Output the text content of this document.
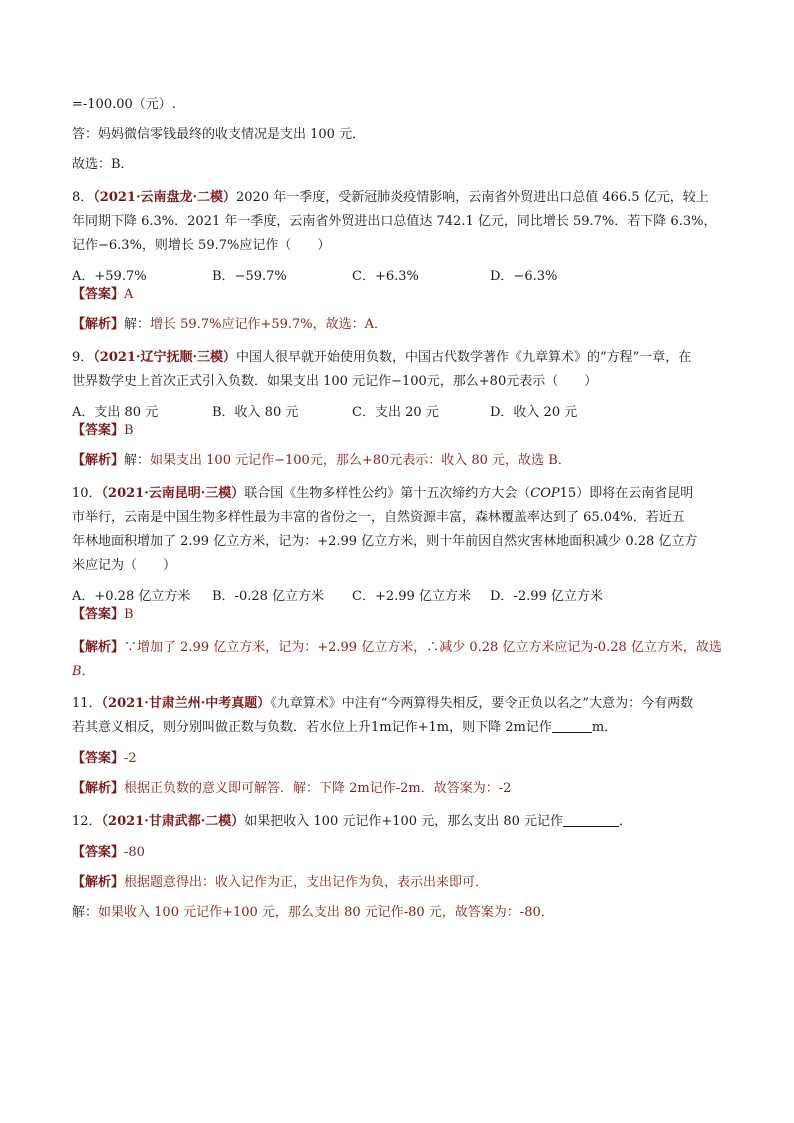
=-100.00（元）.

答：妈妈微信零钱最终的收支情况是支出 100 元．

故选：B．

8．（2021·云南盘龙·二模）2020 年一季度，受新冠肺炎疫情影响，云南省外贸进出口总值 466.5 亿元，较上

年同期下降 6.3%．2021 年一季度，云南省外贸进出口总值达 742.1 亿元，同比增长 59.7%．若下降 6.3%，

记作−6.3%，则增长 59.7%应记作（　　）

A．+59.7%	B．−59.7%	C．+6.3%	D．−6.3%

【答案】A

【解析】解：增长 59.7%应记作+59.7%，故选：A．

9．（2021·辽宁抚顺·三模）中国人很早就开始使用负数，中国古代数学著作《九章算术》的“方程”一章，在

世界数学史上首次正式引入负数．如果支出 100 元记作−100元，那么+80元表示（　　）

A．支出 80 元	B．收入 80 元	C．支出 20 元	D．收入 20 元

【答案】B

【解析】解：如果支出 100 元记作−100元，那么+80元表示：收入 80 元，故选 B．

10．（2021·云南昆明·三模）联合国《生物多样性公约》第十五次缔约方大会（COP15）即将在云南省昆明

市举行，云南是中国生物多样性最为丰富的省份之一，自然资源丰富，森林覆盖率达到了 65.04%．若近五

年林地面积增加了 2.99 亿立方米，记为：+2.99 亿立方米，则十年前因自然灾害林地面积减少 0.28 亿立方

米应记为（　　）

A．+0.28 亿立方米	B．-0.28 亿立方米	C．+2.99 亿立方米	D．-2.99 亿立方米

【答案】B

【解析】∵增加了 2.99 亿立方米，记为：+2.99 亿立方米，∴减少 0.28 亿立方米应记为-0.28 亿立方米，故选
B．

11．（2021·甘肃兰州·中考真题）《九章算术》中注有“今两算得失相反，要令正负以名之”大意为：今有两数

若其意义相反，则分别叫做正数与负数．若水位上升1m记作+1m，则下降 2m记作	m．

【答案】-2

【解析】根据正负数的意义即可解答．解：下降 2m记作-2m．故答案为：-2

12．（2021·甘肃武都·二模）如果把收入 100 元记作+100 元，那么支出 80 元记作	．

【答案】-80

【解析】根据题意得出：收入记作为正，支出记作为负，表示出来即可．

解：如果收入 100 元记作+100 元，那么支出 80 元记作-80 元，故答案为：-80．
